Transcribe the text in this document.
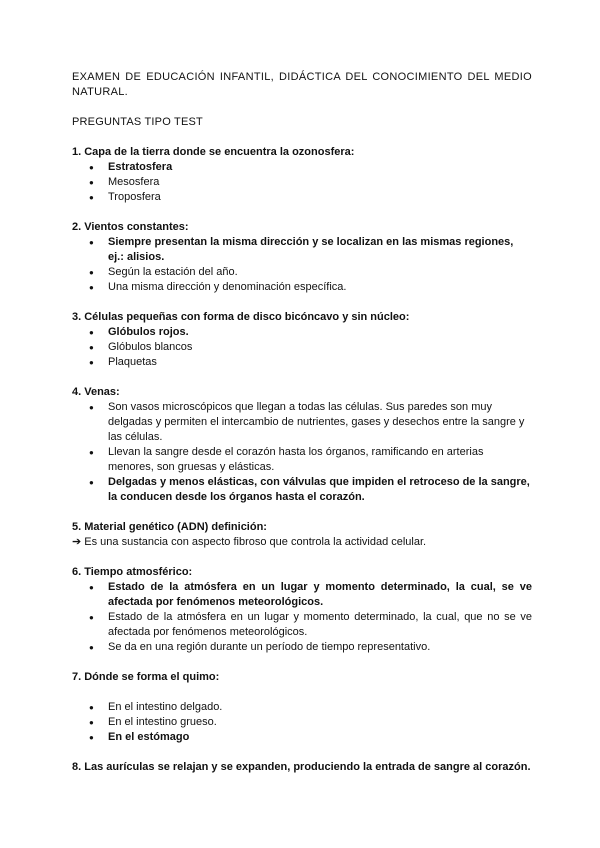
EXAMEN DE EDUCACIÓN INFANTIL, DIDÁCTICA DEL CONOCIMIENTO DEL MEDIO NATURAL.
PREGUNTAS TIPO TEST
1. Capa de la tierra donde se encuentra la ozonosfera:
● Estratosfera
● Mesosfera
● Troposfera
2. Vientos constantes:
● Siempre presentan la misma dirección y se localizan en las mismas regiones, ej.: alisios.
● Según la estación del año.
● Una misma dirección y denominación específica.
3. Células pequeñas con forma de disco bicóncavo y sin núcleo:
● Glóbulos rojos.
● Glóbulos blancos
● Plaquetas
4. Venas:
● Son vasos microscópicos que llegan a todas las células. Sus paredes son muy delgadas y permiten el intercambio de nutrientes, gases y desechos entre la sangre y las células.
● Llevan la sangre desde el corazón hasta los órganos, ramificando en arterias menores, son gruesas y elásticas.
● Delgadas y menos elásticas, con válvulas que impiden el retroceso de la sangre, la conducen desde los órganos hasta el corazón.
5. Material genético (ADN) definición:
➔ Es una sustancia con aspecto fibroso que controla la actividad celular.
6. Tiempo atmosférico:
● Estado de la atmósfera en un lugar y momento determinado, la cual, se ve afectada por fenómenos meteorológicos.
● Estado de la atmósfera en un lugar y momento determinado, la cual, que no se ve afectada por fenómenos meteorológicos.
● Se da en una región durante un período de tiempo representativo.
7. Dónde se forma el quimo:
● En el intestino delgado.
● En el intestino grueso.
● En el estómago
8. Las aurículas se relajan y se expanden, produciendo la entrada de sangre al corazón.
